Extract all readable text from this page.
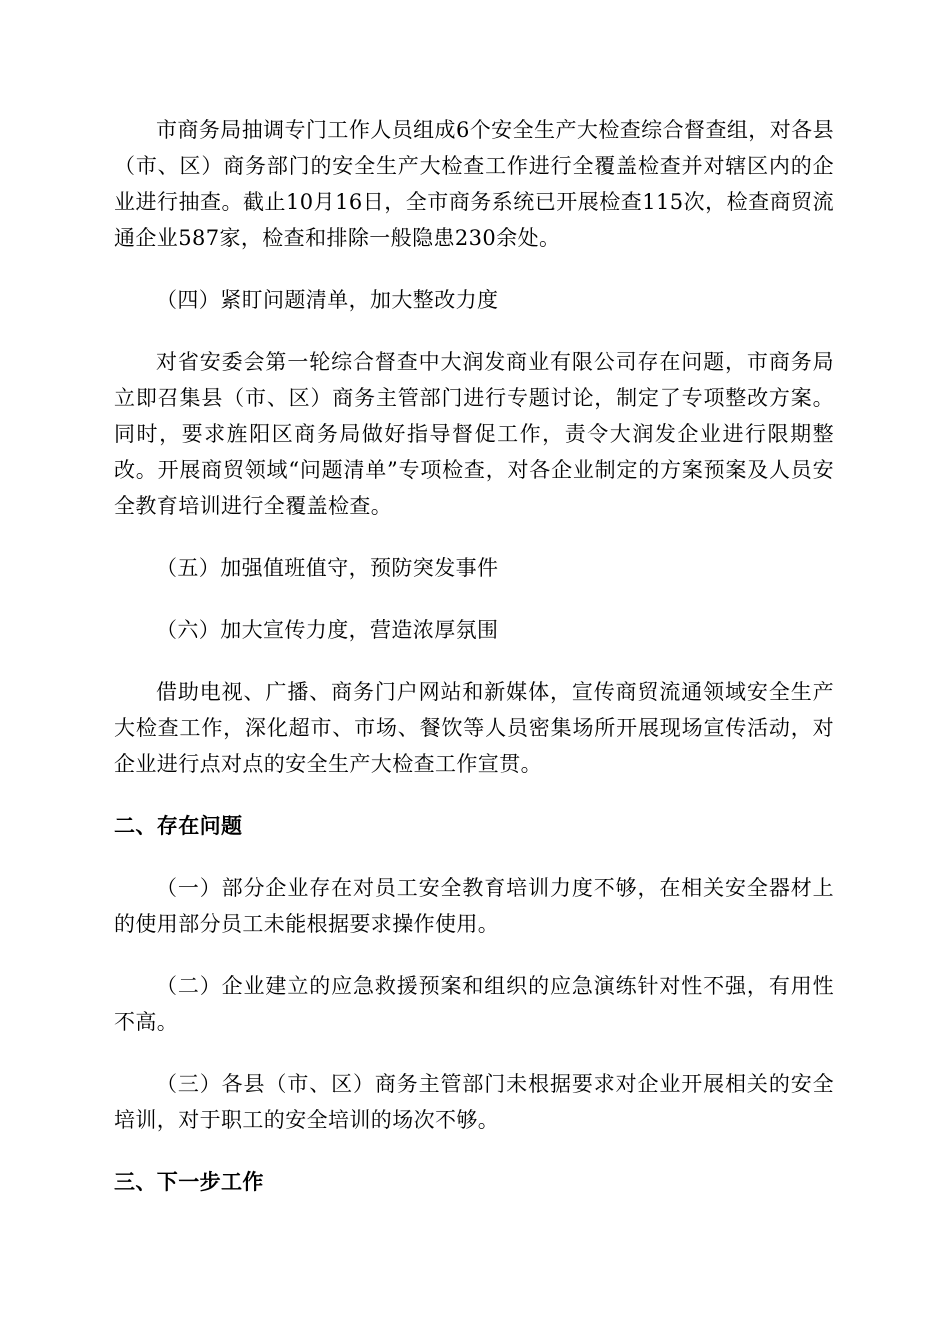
市商务局抽调专门工作人员组成6个安全生产大检查综合督查组，对各县（市、区）商务部门的安全生产大检查工作进行全覆盖检查并对辖区内的企业进行抽查。截止10月16日，全市商务系统已开展检查115次，检查商贸流通企业587家，检查和排除一般隐患230余处。

（四）紧盯问题清单，加大整改力度

对省安委会第一轮综合督查中大润发商业有限公司存在问题，市商务局立即召集县（市、区）商务主管部门进行专题讨论，制定了专项整改方案。同时，要求旌阳区商务局做好指导督促工作，责令大润发企业进行限期整改。开展商贸领域“问题清单”专项检查，对各企业制定的方案预案及人员安全教育培训进行全覆盖检查。

（五）加强值班值守，预防突发事件

（六）加大宣传力度，营造浓厚氛围

借助电视、广播、商务门户网站和新媒体，宣传商贸流通领域安全生产大检查工作，深化超市、市场、餐饮等人员密集场所开展现场宣传活动，对企业进行点对点的安全生产大检查工作宣贯。

二、存在问题

（一）部分企业存在对员工安全教育培训力度不够，在相关安全器材上的使用部分员工未能根据要求操作使用。

（二）企业建立的应急救援预案和组织的应急演练针对性不强，有用性不高。

（三）各县（市、区）商务主管部门未根据要求对企业开展相关的安全培训，对于职工的安全培训的场次不够。

三、下一步工作
